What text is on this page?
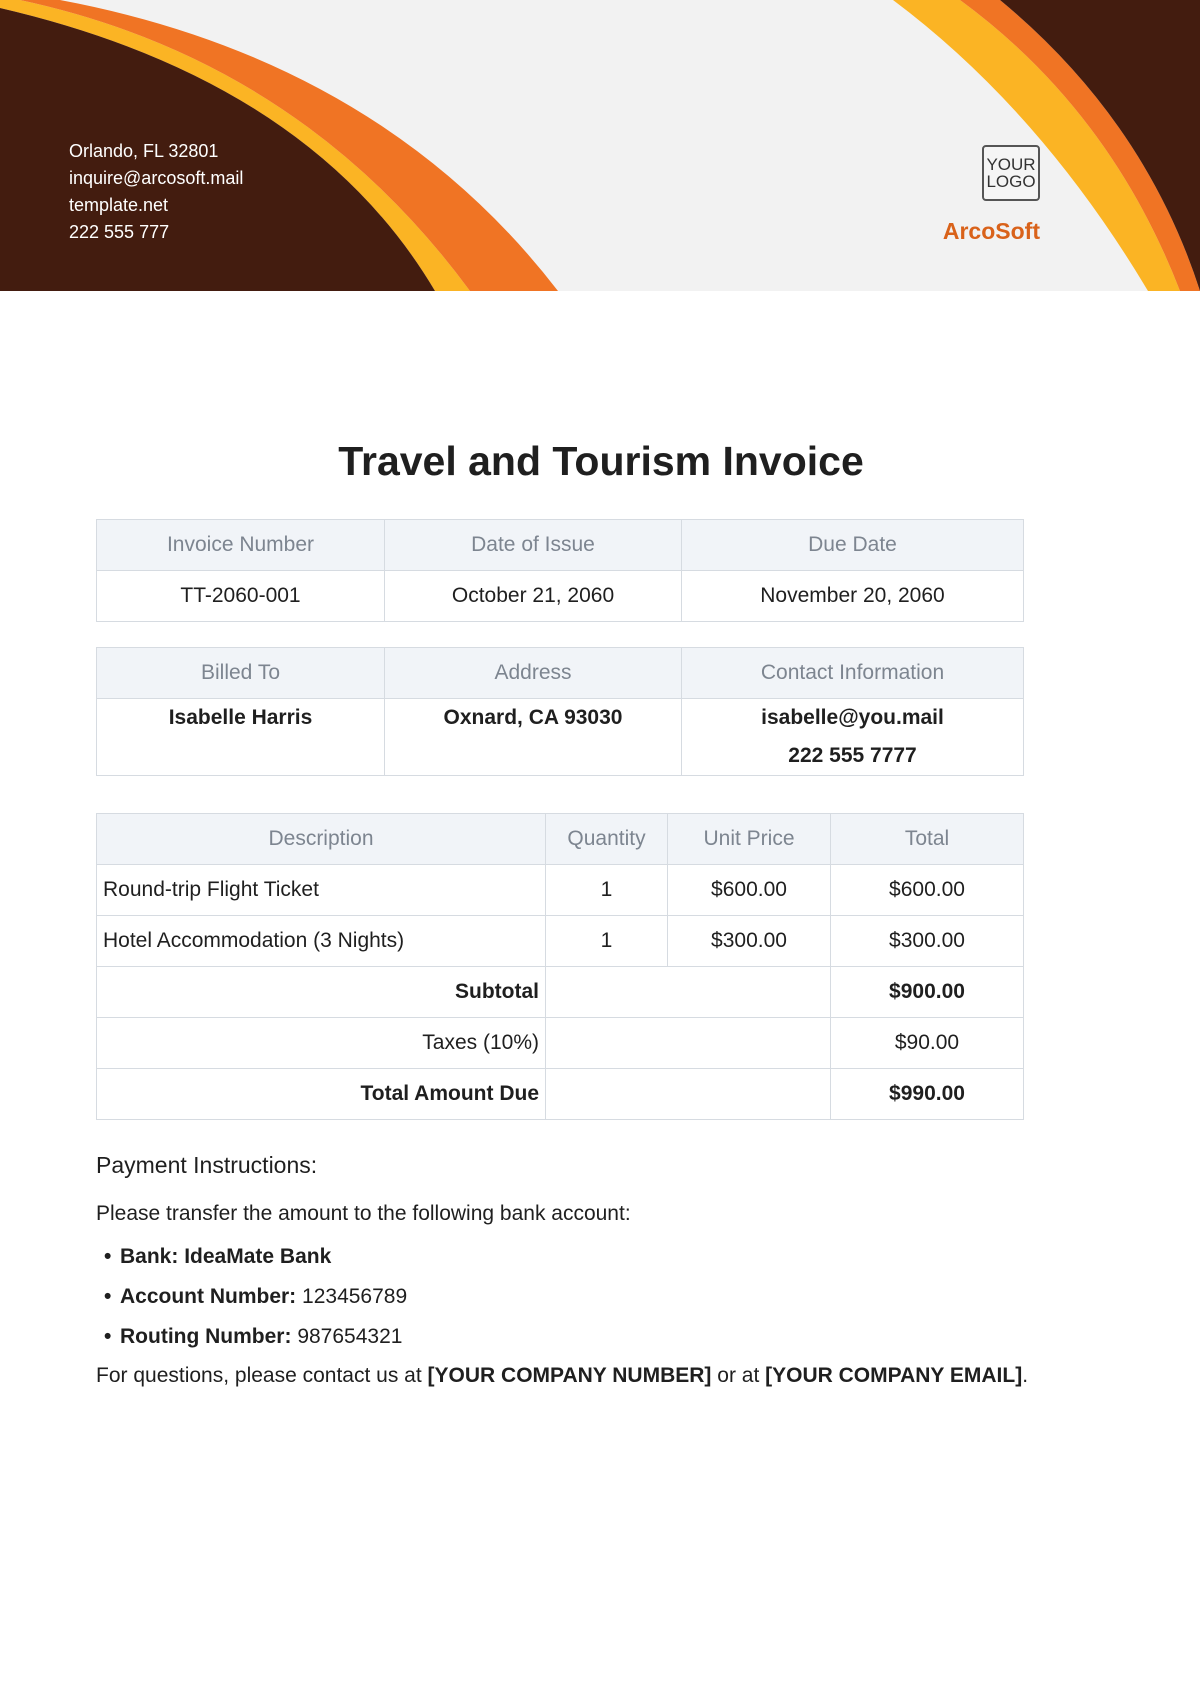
Orlando, FL 32801
inquire@arcosoft.mail
template.net
222 555 777
YOUR
LOGO
ArcoSoft
Travel and Tourism Invoice
Invoice Number	Date of Issue	Due Date
TT-2060-001	October 21, 2060	November 20, 2060
Billed To	Address	Contact Information
Isabelle Harris	Oxnard, CA 93030	isabelle@you.mail
222 555 7777
Description	Quantity	Unit Price	Total
Round-trip Flight Ticket	1	$600.00	$600.00
Hotel Accommodation (3 Nights)	1	$300.00	$300.00
Subtotal			$900.00
Taxes (10%)			$90.00
Total Amount Due			$990.00
Payment Instructions:

Please transfer the amount to the following bank account:

• Bank: IdeaMate Bank
• Account Number: 123456789
• Routing Number: 987654321

For questions, please contact us at [YOUR COMPANY NUMBER] or at [YOUR COMPANY EMAIL].
